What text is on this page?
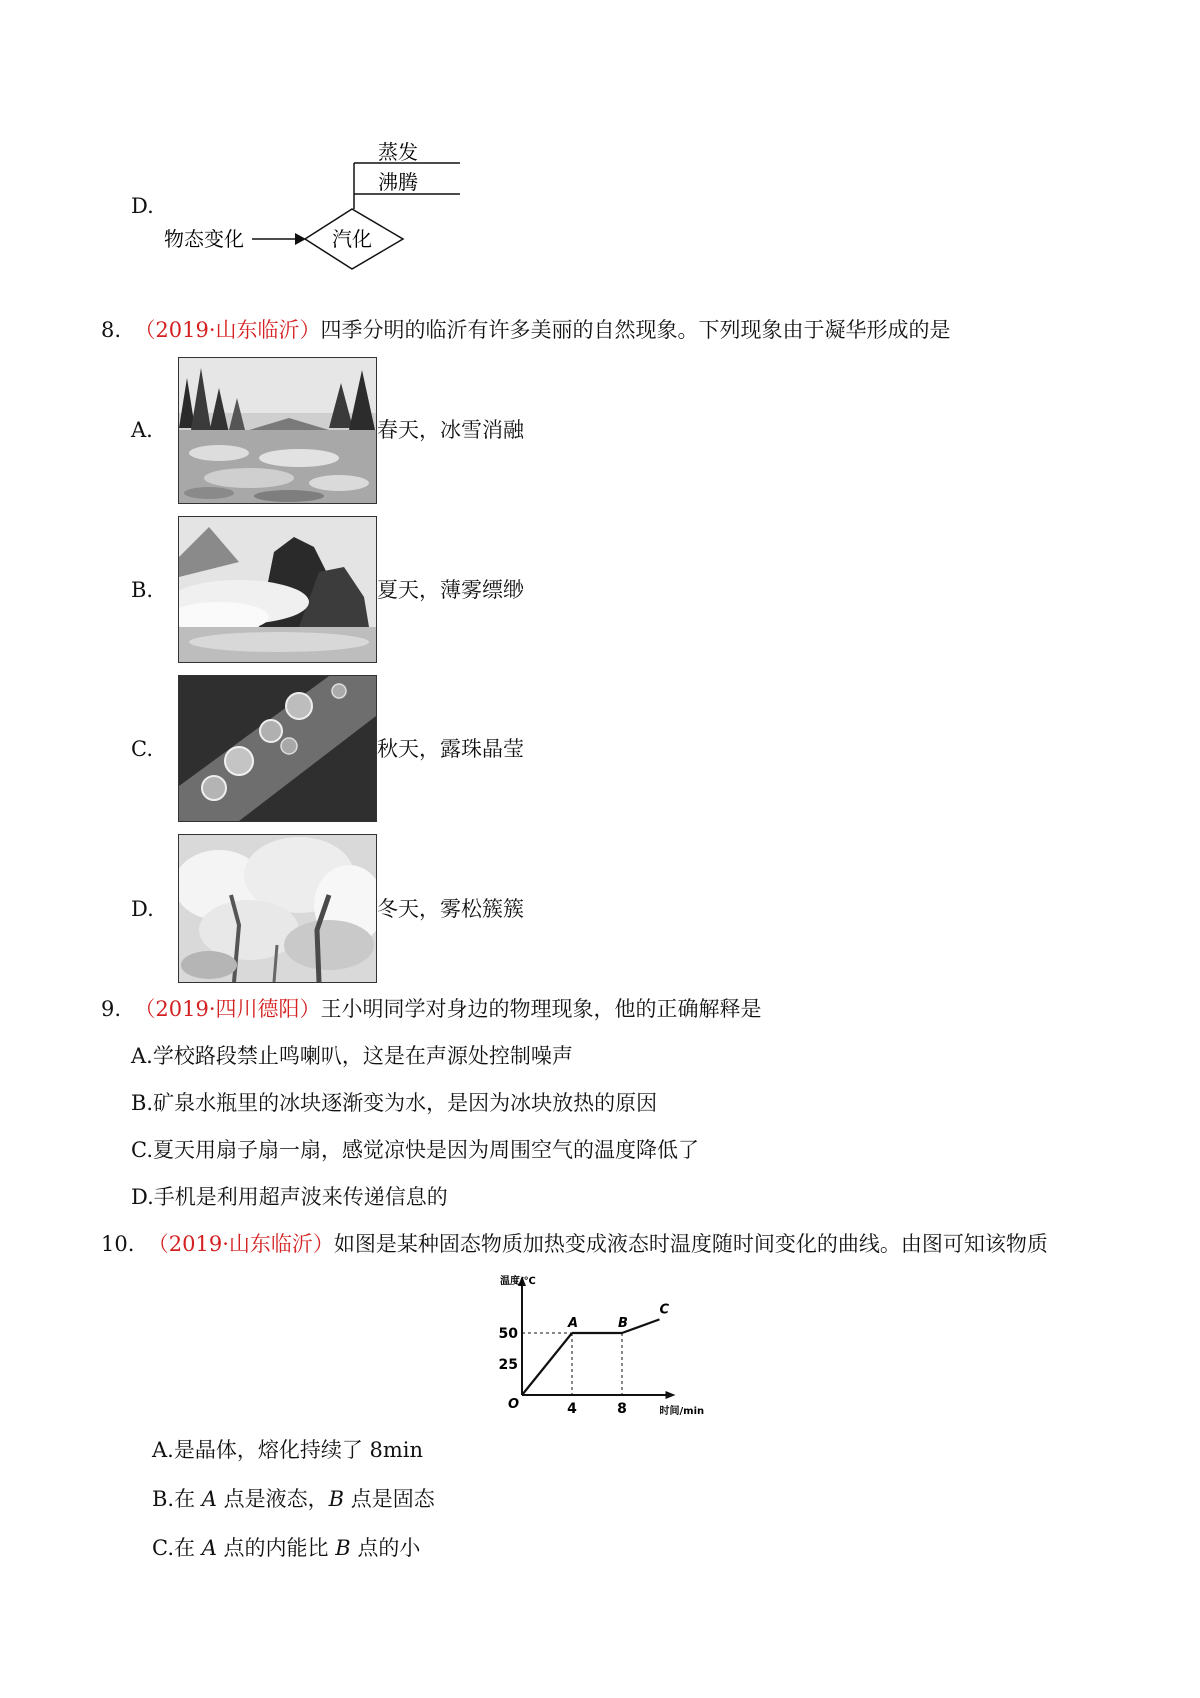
D.
物态变化	汽化
蒸发
沸腾
8. （2019·山东临沂）四季分明的临沂有许多美丽的自然现象。下列现象由于凝华形成的是
A.	春天，冰雪消融
B.	夏天，薄雾缥缈
C.	秋天，露珠晶莹
D.	冬天，雾松簇簇
9. （2019·四川德阳）王小明同学对身边的物理现象，他的正确解释是
A.学校路段禁止鸣喇叭，这是在声源处控制噪声
B.矿泉水瓶里的冰块逐渐变为水，是因为冰块放热的原因
C.夏天用扇子扇一扇，感觉凉快是因为周围空气的温度降低了
D.手机是利用超声波来传递信息的
10. （2019·山东临沂）如图是某种固态物质加热变成液态时温度随时间变化的曲线。由图可知该物质
温度/℃
时间/min
O
25
50
4	8
A	B
C
A.是晶体，熔化持续了 8min
B.在 A 点是液态，B 点是固态
C.在 A 点的内能比 B 点的小
